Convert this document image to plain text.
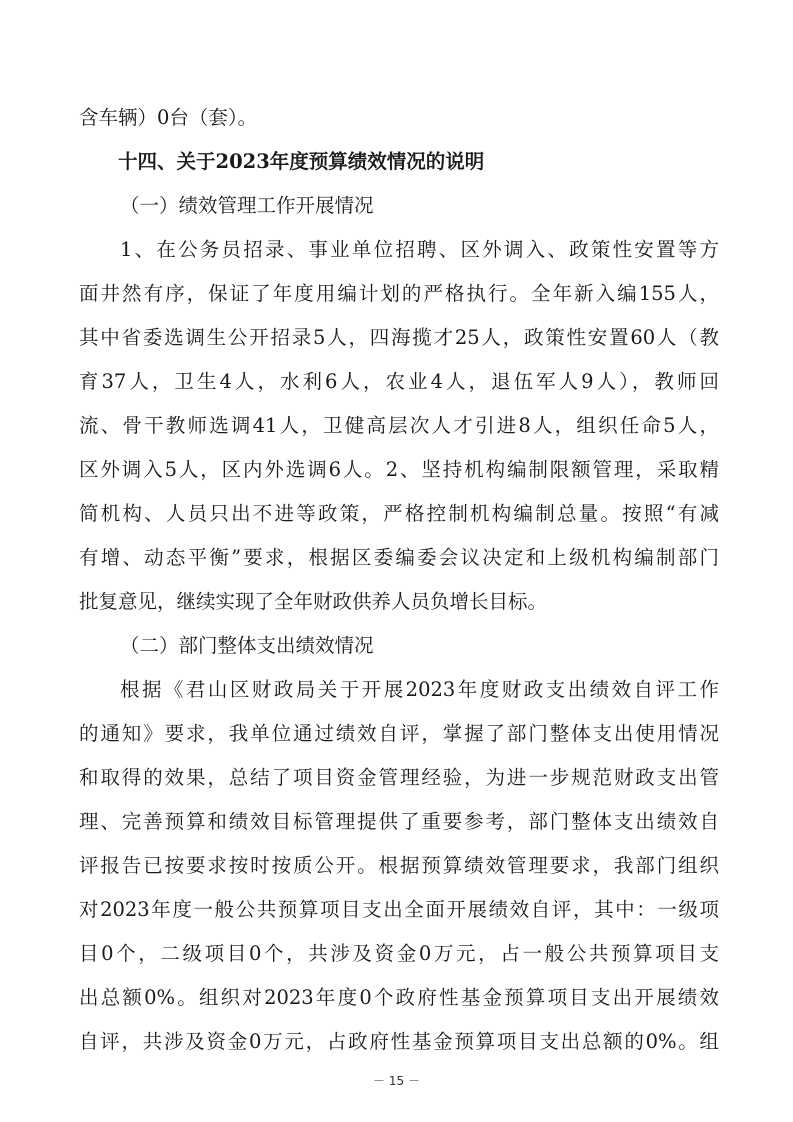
含车辆）0台（套）。
十四、关于2023年度预算绩效情况的说明
（一）绩效管理工作开展情况
1、在公务员招录、事业单位招聘、区外调入、政策性安置等方
面井然有序，保证了年度用编计划的严格执行。全年新入编155人，
其中省委选调生公开招录5人，四海揽才25人，政策性安置60人（教
育37人，卫生4人，水利6人，农业4人，退伍军人9人），教师回
流、骨干教师选调41人，卫健高层次人才引进8人，组织任命5人，
区外调入5人，区内外选调6人。2、坚持机构编制限额管理，采取精
简机构、人员只出不进等政策，严格控制机构编制总量。按照“有减
有增、动态平衡”要求，根据区委编委会议决定和上级机构编制部门
批复意见，继续实现了全年财政供养人员负增长目标。
（二）部门整体支出绩效情况
根据《君山区财政局关于开展2023年度财政支出绩效自评工作
的通知》要求，我单位通过绩效自评，掌握了部门整体支出使用情况
和取得的效果，总结了项目资金管理经验，为进一步规范财政支出管
理、完善预算和绩效目标管理提供了重要参考，部门整体支出绩效自
评报告已按要求按时按质公开。根据预算绩效管理要求，我部门组织
对2023年度一般公共预算项目支出全面开展绩效自评，其中：一级项
目0个，二级项目0个，共涉及资金0万元，占一般公共预算项目支
出总额0%。组织对2023年度0个政府性基金预算项目支出开展绩效
自评，共涉及资金0万元，占政府性基金预算项目支出总额的0%。组
－ 15 －
